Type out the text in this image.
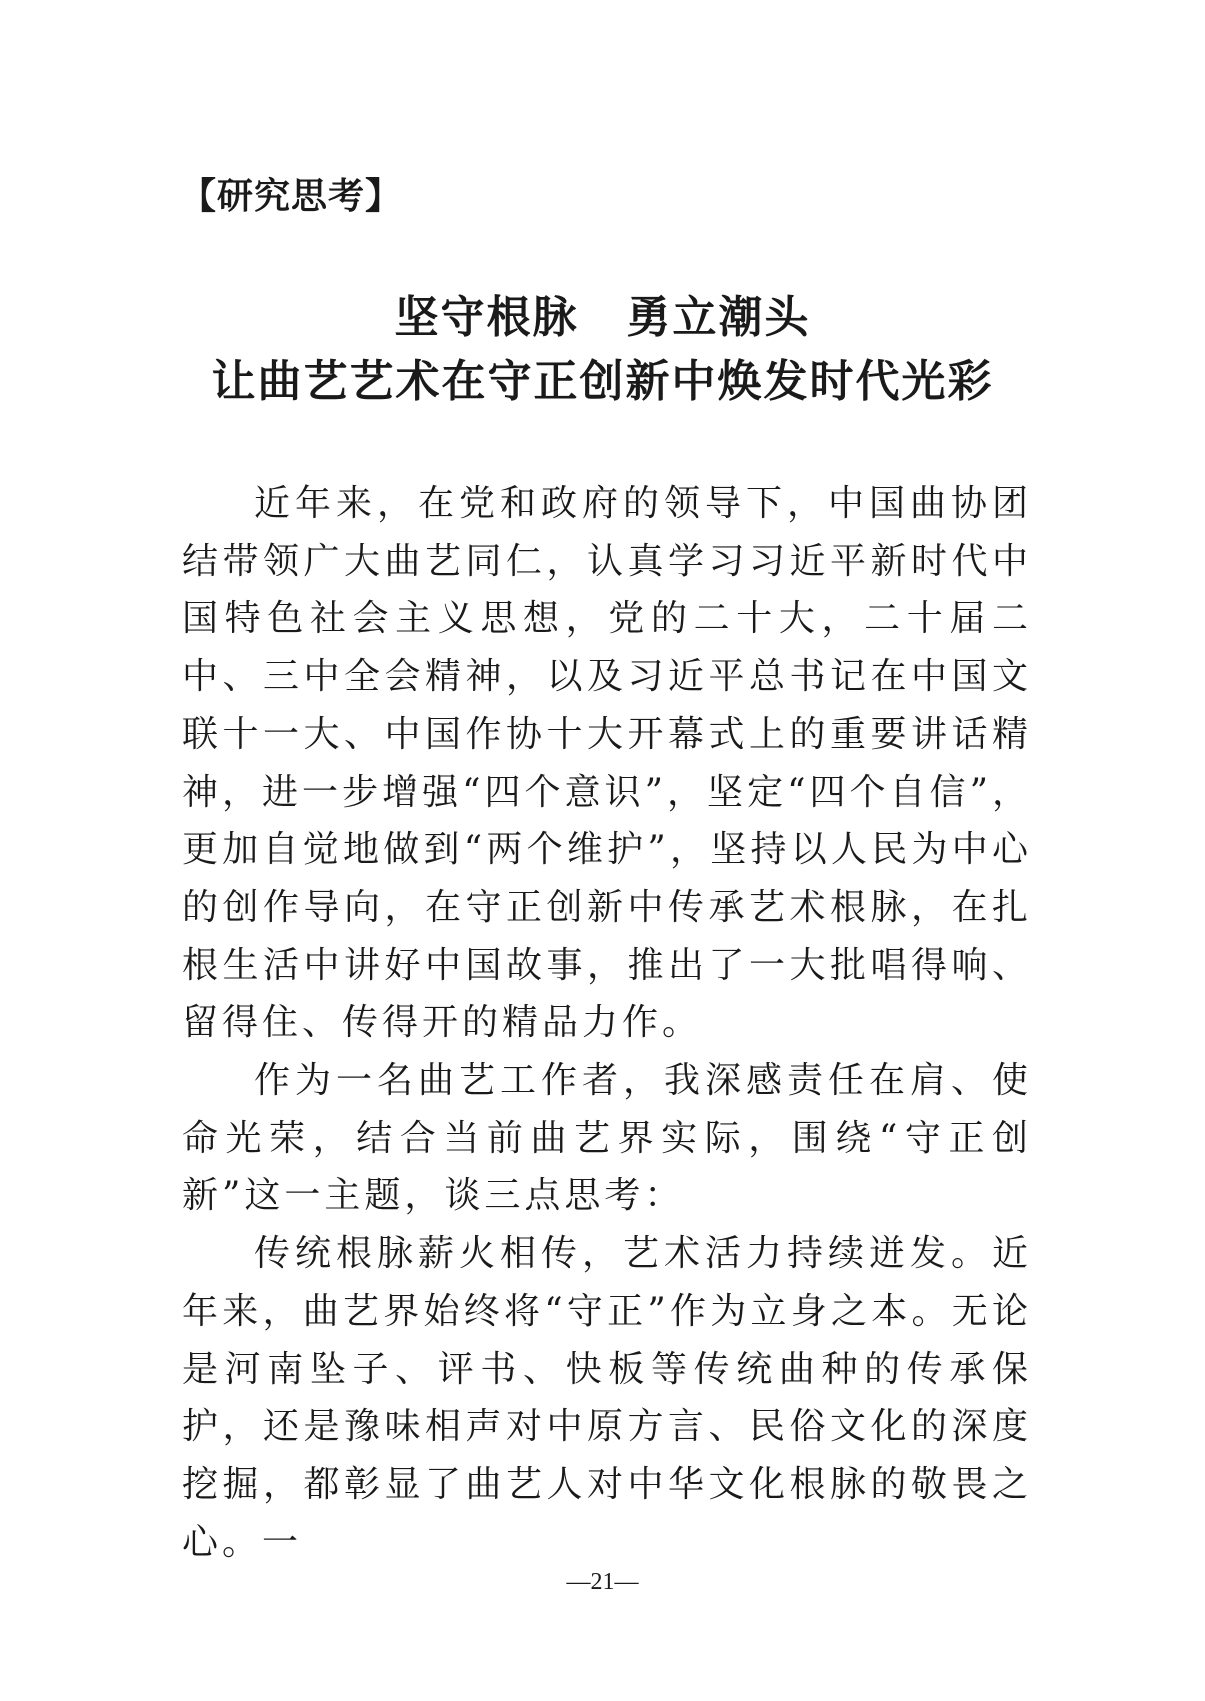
【研究思考】
坚守根脉 勇立潮头
让曲艺艺术在守正创新中焕发时代光彩

近年来，在党和政府的领导下，中国曲协团结带领广大曲艺同仁，认真学习习近平新时代中国特色社会主义思想，党的二十大，二十届二中、三中全会精神，以及习近平总书记在中国文联十一大、中国作协十大开幕式上的重要讲话精神，进一步增强“四个意识”，坚定“四个自信”，更加自觉地做到“两个维护”，坚持以人民为中心的创作导向，在守正创新中传承艺术根脉，在扎根生活中讲好中国故事，推出了一大批唱得响、留得住、传得开的精品力作。

作为一名曲艺工作者，我深感责任在肩、使命光荣，结合当前曲艺界实际，围绕“守正创新”这一主题，谈三点思考：

传统根脉薪火相传，艺术活力持续迸发。近年来，曲艺界始终将“守正”作为立身之本。无论是河南坠子、评书、快板等传统曲种的传承保护，还是豫味相声对中原方言、民俗文化的深度挖掘，都彰显了曲艺人对中华文化根脉的敬畏之心。一

—21—
